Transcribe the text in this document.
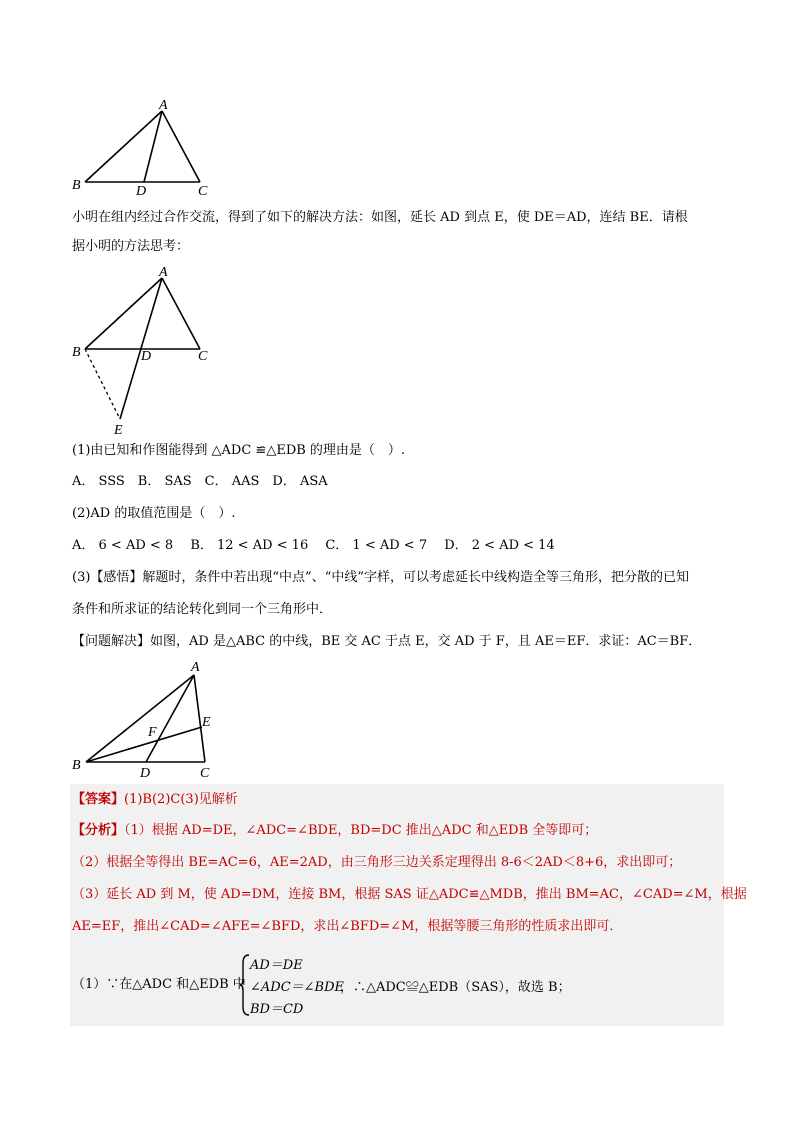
A
B	C
D
小明在组内经过合作交流，得到了如下的解决方法：如图，延长 AD 到点 E，使 DE＝AD，连结 BE．请根
据小明的方法思考：
A
B	C
D
E
(1)由已知和作图能得到 △ADC ≌△EDB 的理由是（　）.
A． SSS　B． SAS　C． AAS　D． ASA
(2)AD 的取值范围是（　）.
A． 6 < AD < 8　 B． 12 < AD < 16　 C． 1 < AD < 7　 D． 2 < AD < 14
(3)【感悟】解题时，条件中若出现“中点”、“中线”字样，可以考虑延长中线构造全等三角形，把分散的已知
条件和所求证的结论转化到同一个三角形中．
【问题解决】如图，AD 是△ABC 的中线，BE 交 AC 于点 E，交 AD 于 F，且 AE＝EF．求证：AC＝BF．
A
B
C
D
E
F
【答案】(1)B(2)C(3)见解析
【分析】（1）根据 AD=DE，∠ADC=∠BDE，BD=DC 推出△ADC 和△EDB 全等即可；
（2）根据全等得出 BE=AC=6，AE=2AD，由三角形三边关系定理得出 8-6＜2AD＜8+6，求出即可；
（3）延长 AD 到 M，使 AD=DM，连接 BM，根据 SAS 证△ADC≌△MDB，推出 BM=AC，∠CAD=∠M，根据
AE=EF，推出∠CAD=∠AFE=∠BFD，求出∠BFD=∠M，根据等腰三角形的性质求出即可．
（1）∵在△ADC 和△EDB 中
AD＝DE
∠ADC＝∠BDE
BD＝CD
，∴△ADC≌△EDB（SAS），故选 B；
